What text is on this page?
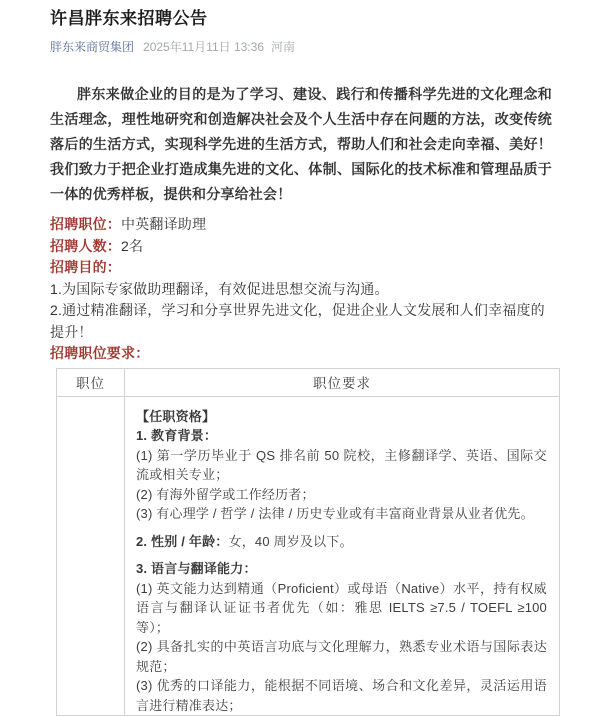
许昌胖东来招聘公告
胖东来商贸集团 2025年11月11日 13:36 河南

胖东来做企业的目的是为了学习、建设、践行和传播科学先进的文化理念和生活理念，理性地研究和创造解决社会及个人生活中存在问题的方法，改变传统落后的生活方式，实现科学先进的生活方式，帮助人们和社会走向幸福、美好！我们致力于把企业打造成集先进的文化、体制、国际化的技术标准和管理品质于一体的优秀样板，提供和分享给社会！

招聘职位：中英翻译助理
招聘人数：2名
招聘目的：
1.为国际专家做助理翻译，有效促进思想交流与沟通。
2.通过精准翻译，学习和分享世界先进文化，促进企业人文发展和人们幸福度的提升！
招聘职位要求：
职位	职位要求

【任职资格】

1. 教育背景：

(1) 第一学历毕业于 QS 排名前 50 院校，主修翻译学、英语、国际交流或相关专业；

(2) 有海外留学或工作经历者；

(3) 有心理学 / 哲学 / 法律 / 历史专业或有丰富商业背景从业者优先。

2. 性别 / 年龄：女，40 周岁及以下。

3. 语言与翻译能力：

(1) 英文能力达到精通（Proficient）或母语（Native）水平，持有权威语言与翻译认证证书者优先（如：雅思 IELTS ≥7.5 / TOEFL ≥100 等）；

(2) 具备扎实的中英语言功底与文化理解力，熟悉专业术语与国际表达规范；

(3) 优秀的口译能力，能根据不同语境、场合和文化差异，灵活运用语言进行精准表达；
